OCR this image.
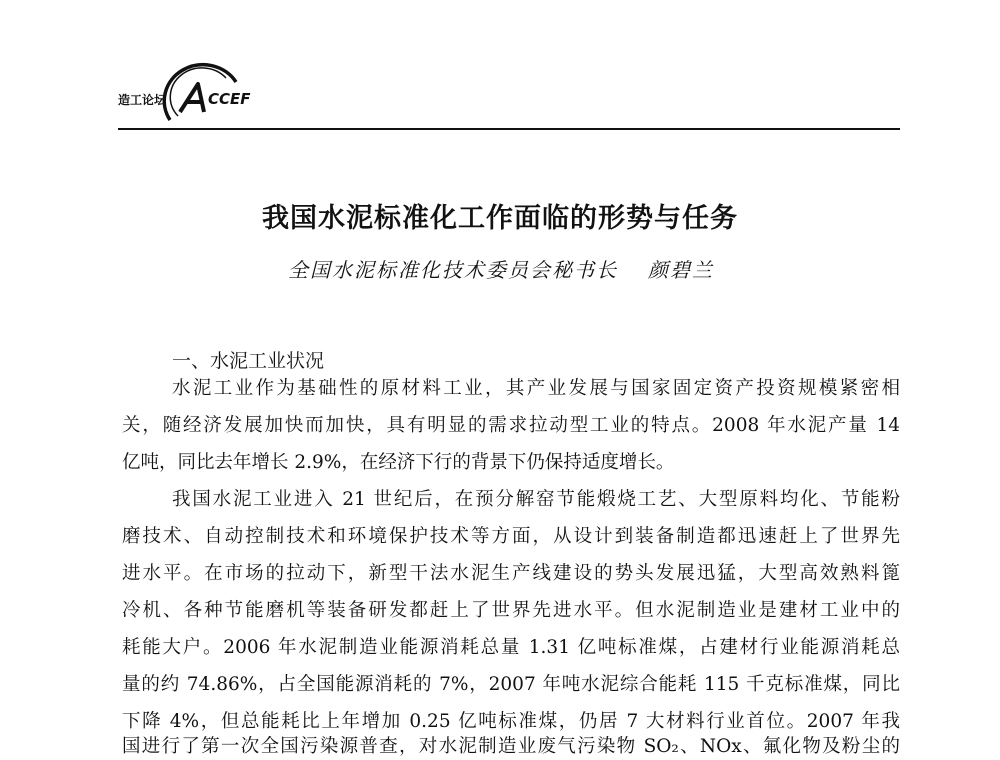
造工论坛	CCEF
我国水泥标准化工作面临的形势与任务
全国水泥标准化技术委员会秘书长 颜碧兰
一、水泥工业状况
水泥工业作为基础性的原材料工业，其产业发展与国家固定资产投资规模紧密相
关，随经济发展加快而加快，具有明显的需求拉动型工业的特点。2008 年水泥产量 14
亿吨，同比去年增长 2.9%，在经济下行的背景下仍保持适度增长。
我国水泥工业进入 21 世纪后，在预分解窑节能煅烧工艺、大型原料均化、节能粉
磨技术、自动控制技术和环境保护技术等方面，从设计到装备制造都迅速赶上了世界先
进水平。在市场的拉动下，新型干法水泥生产线建设的势头发展迅猛，大型高效熟料篦
冷机、各种节能磨机等装备研发都赶上了世界先进水平。但水泥制造业是建材工业中的
耗能大户。2006 年水泥制造业能源消耗总量 1.31 亿吨标准煤，占建材行业能源消耗总
量的约 74.86%，占全国能源消耗的 7%，2007 年吨水泥综合能耗 115 千克标准煤，同比
下降 4%，但总能耗比上年增加 0.25 亿吨标准煤，仍居 7 大材料行业首位。2007 年我
国进行了第一次全国污染源普查，对水泥制造业废气污染物 SO₂、NOx、氟化物及粉尘的
